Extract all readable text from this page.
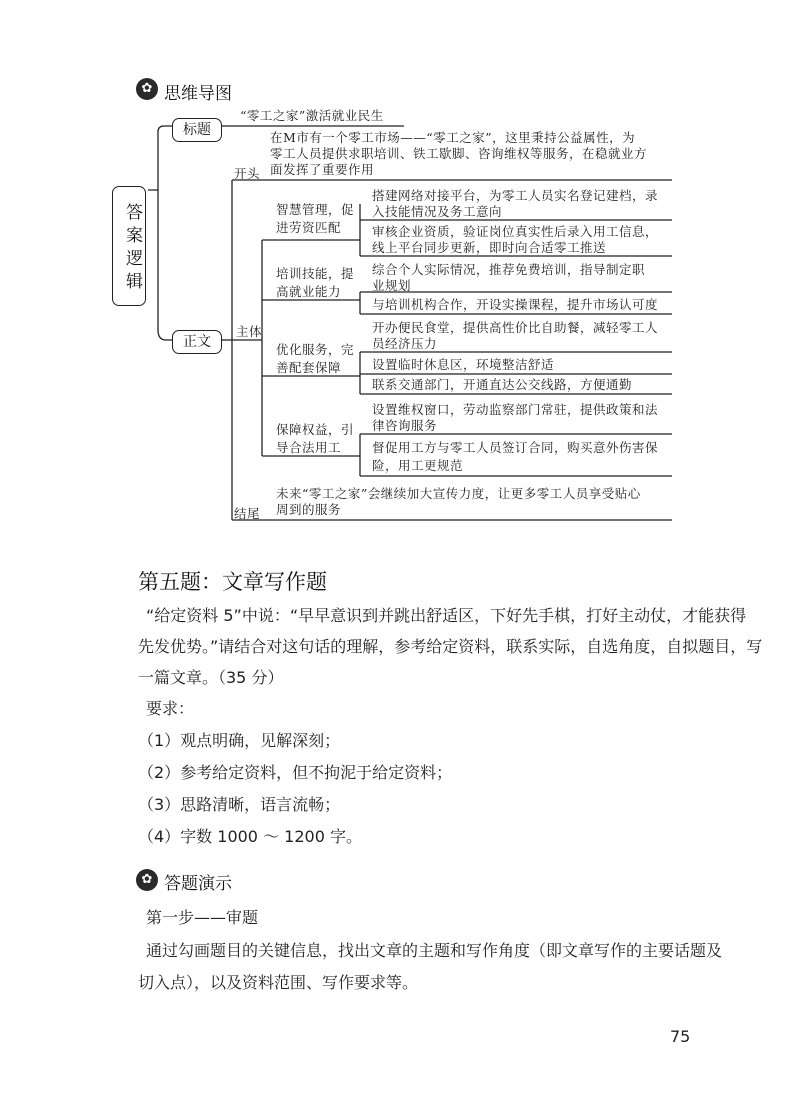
✿ 思维导图
答案逻辑
标题
“零工之家”激活就业民生
正文
开头
在M市有一个零工市场——“零工之家”，这里秉持公益属性，为
零工人员提供求职培训、铁工歇脚、咨询维权等服务，在稳就业方
面发挥了重要作用
主体
智慧管理，促
进劳资匹配
培训技能，提
高就业能力
优化服务，完
善配套保障
保障权益，引
导合法用工
搭建网络对接平台，为零工人员实名登记建档，录
入技能情况及务工意向
审核企业资质，验证岗位真实性后录入用工信息，
线上平台同步更新，即时向合适零工推送
综合个人实际情况，推荐免费培训，指导制定职
业规划
与培训机构合作，开设实操课程，提升市场认可度
开办便民食堂，提供高性价比自助餐，减轻零工人
员经济压力
设置临时休息区，环境整洁舒适
联系交通部门，开通直达公交线路，方便通勤
设置维权窗口，劳动监察部门常驻，提供政策和法
律咨询服务
督促用工方与零工人员签订合同，购买意外伤害保
险，用工更规范
结尾
未来“零工之家”会继续加大宣传力度，让更多零工人员享受贴心
周到的服务
第五题：文章写作题
“给定资料 5”中说：“早早意识到并跳出舒适区，下好先手棋，打好主动仗，才能获得
先发优势。”请结合对这句话的理解，参考给定资料，联系实际，自选角度，自拟题目，写
一篇文章。（35 分）
要求：
（1）观点明确，见解深刻；
（2）参考给定资料，但不拘泥于给定资料；
（3）思路清晰，语言流畅；
（4）字数 1000 ～ 1200 字。
✿ 答题演示
第一步——审题
通过勾画题目的关键信息，找出文章的主题和写作角度（即文章写作的主要话题及
切入点），以及资料范围、写作要求等。
75
